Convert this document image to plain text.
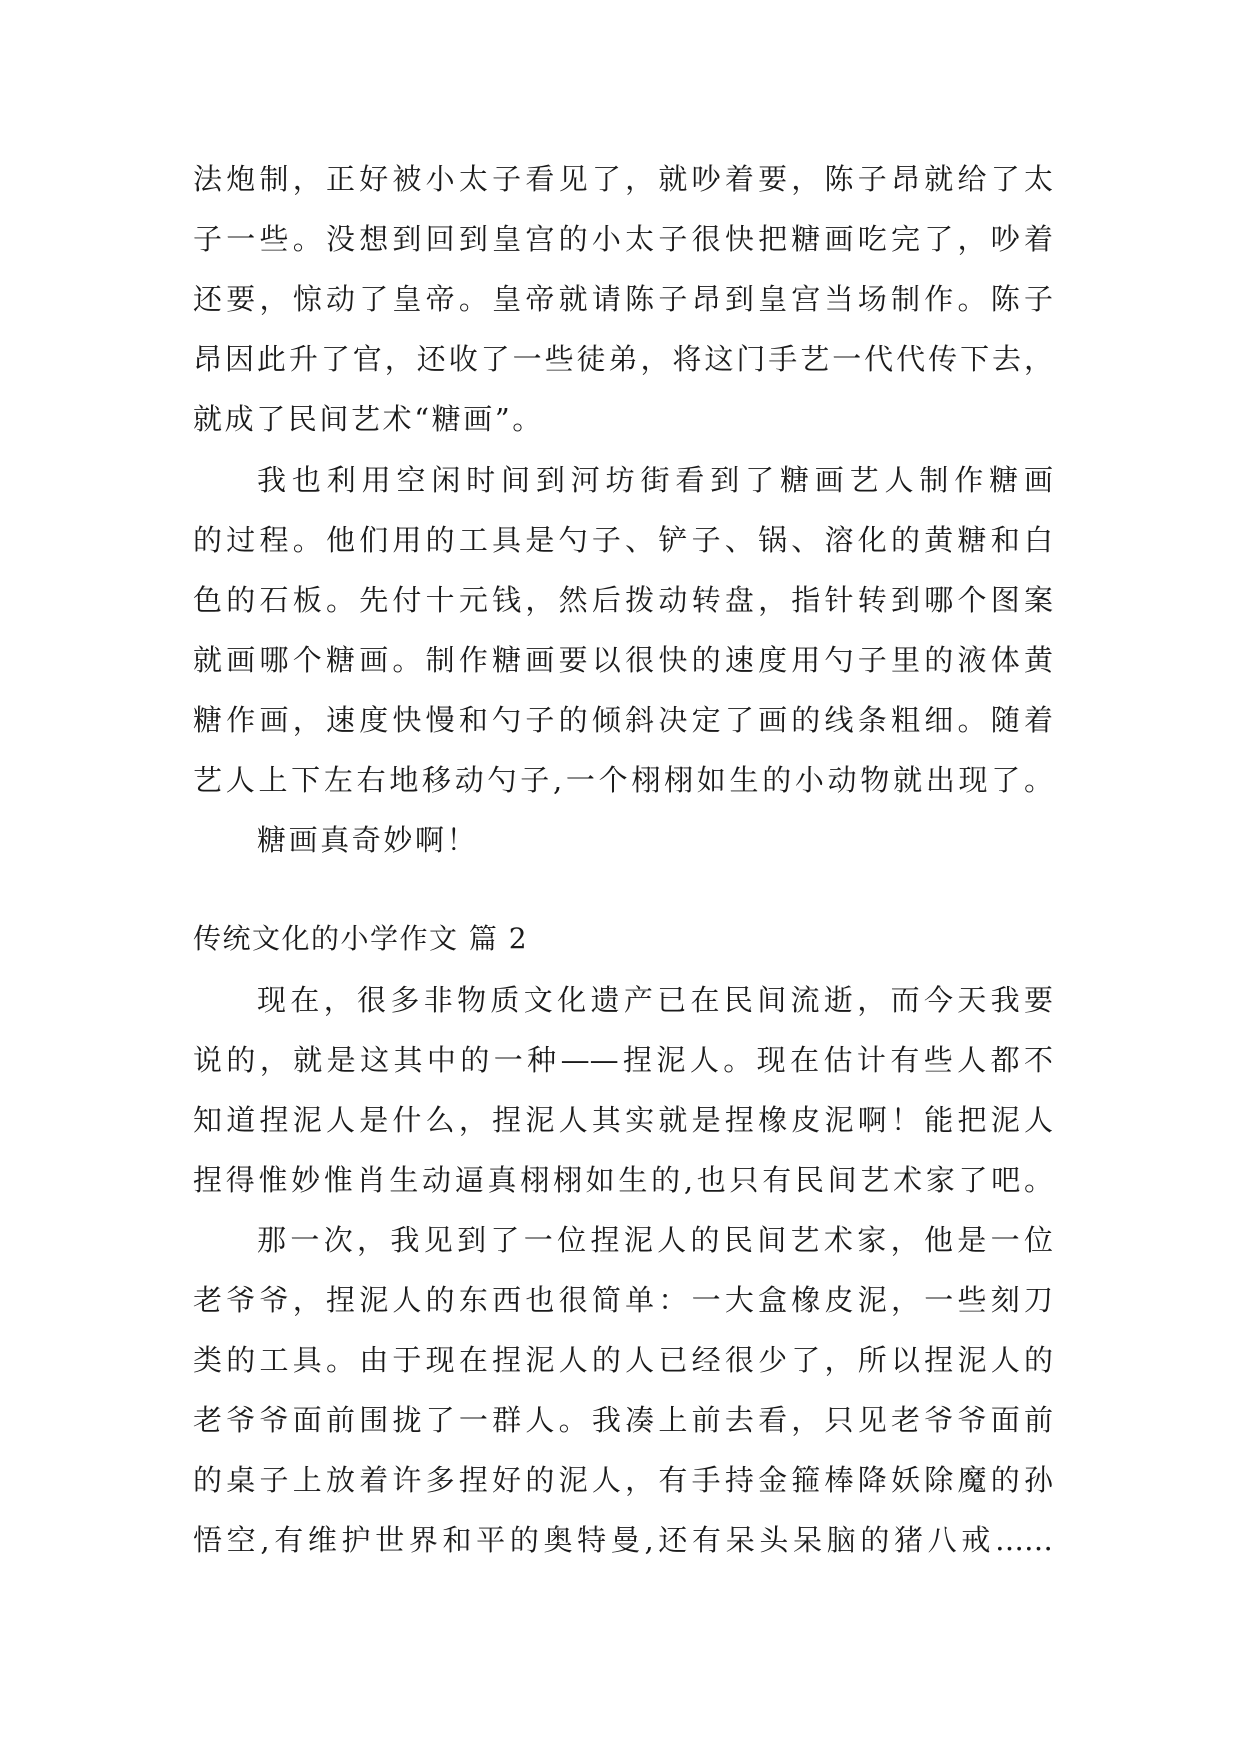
法炮制，正好被小太子看见了，就吵着要，陈子昂就给了太
子一些。没想到回到皇宫的小太子很快把糖画吃完了，吵着
还要，惊动了皇帝。皇帝就请陈子昂到皇宫当场制作。陈子
昂因此升了官，还收了一些徒弟，将这门手艺一代代传下去，
就成了民间艺术“糖画”。
我也利用空闲时间到河坊街看到了糖画艺人制作糖画
的过程。他们用的工具是勺子、铲子、锅、溶化的黄糖和白
色的石板。先付十元钱，然后拨动转盘，指针转到哪个图案
就画哪个糖画。制作糖画要以很快的速度用勺子里的液体黄
糖作画，速度快慢和勺子的倾斜决定了画的线条粗细。随着
艺人上下左右地移动勺子,一个栩栩如生的小动物就出现了。
糖画真奇妙啊！
传统文化的小学作文 篇 2
现在，很多非物质文化遗产已在民间流逝，而今天我要
说的，就是这其中的一种——捏泥人。现在估计有些人都不
知道捏泥人是什么，捏泥人其实就是捏橡皮泥啊！能把泥人
捏得惟妙惟肖生动逼真栩栩如生的,也只有民间艺术家了吧。
那一次，我见到了一位捏泥人的民间艺术家，他是一位
老爷爷，捏泥人的东西也很简单：一大盒橡皮泥，一些刻刀
类的工具。由于现在捏泥人的人已经很少了，所以捏泥人的
老爷爷面前围拢了一群人。我凑上前去看，只见老爷爷面前
的桌子上放着许多捏好的泥人，有手持金箍棒降妖除魔的孙
悟空,有维护世界和平的奥特曼,还有呆头呆脑的猪八戒……
